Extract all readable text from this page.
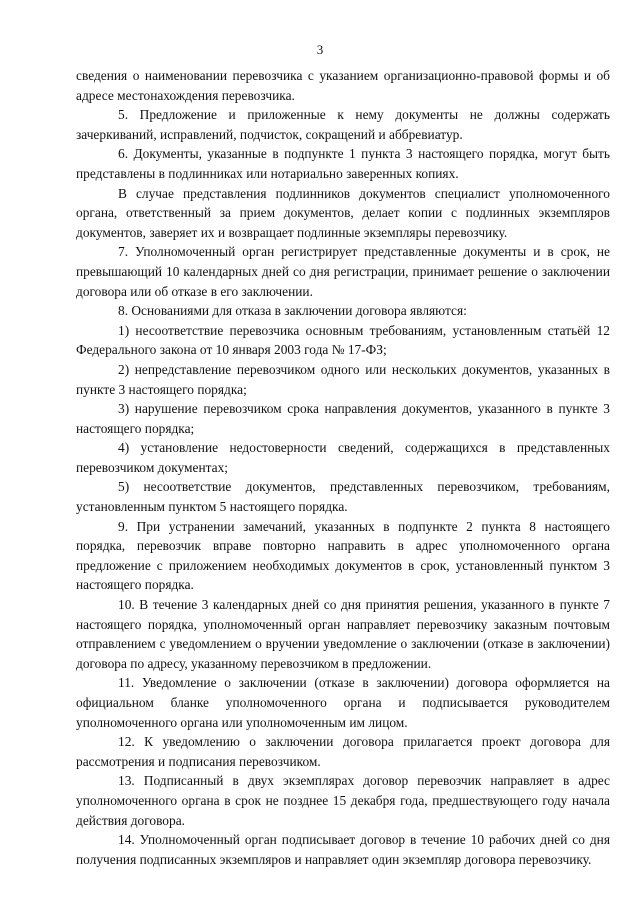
3

сведения о наименовании перевозчика с указанием организационно-правовой формы и об адресе местонахождения перевозчика.

5. Предложение и приложенные к нему документы не должны содержать зачеркиваний, исправлений, подчисток, сокращений и аббревиатур.

6. Документы, указанные в подпункте 1 пункта 3 настоящего порядка, могут быть представлены в подлинниках или нотариально заверенных копиях.

В случае представления подлинников документов специалист уполномоченного органа, ответственный за прием документов, делает копии с подлинных экземпляров документов, заверяет их и возвращает подлинные экземпляры перевозчику.

7. Уполномоченный орган регистрирует представленные документы и в срок, не превышающий 10 календарных дней со дня регистрации, принимает решение о заключении договора или об отказе в его заключении.

8. Основаниями для отказа в заключении договора являются:

1) несоответствие перевозчика основным требованиям, установленным статьёй 12 Федерального закона от 10 января 2003 года № 17-ФЗ;

2) непредставление перевозчиком одного или нескольких документов, указанных в пункте 3 настоящего порядка;

3) нарушение перевозчиком срока направления документов, указанного в пункте 3 настоящего порядка;

4) установление недостоверности сведений, содержащихся в представленных перевозчиком документах;

5) несоответствие документов, представленных перевозчиком, требованиям, установленным пунктом 5 настоящего порядка.

9. При устранении замечаний, указанных в подпункте 2 пункта 8 настоящего порядка, перевозчик вправе повторно направить в адрес уполномоченного органа предложение с приложением необходимых документов в срок, установленный пунктом 3 настоящего порядка.

10. В течение 3 календарных дней со дня принятия решения, указанного в пункте 7 настоящего порядка, уполномоченный орган направляет перевозчику заказным почтовым отправлением с уведомлением о вручении уведомление о заключении (отказе в заключении) договора по адресу, указанному перевозчиком в предложении.

11. Уведомление о заключении (отказе в заключении) договора оформляется на официальном бланке уполномоченного органа и подписывается руководителем уполномоченного органа или уполномоченным им лицом.

12. К уведомлению о заключении договора прилагается проект договора для рассмотрения и подписания перевозчиком.

13. Подписанный в двух экземплярах договор перевозчик направляет в адрес уполномоченного органа в срок не позднее 15 декабря года, предшествующего году начала действия договора.

14. Уполномоченный орган подписывает договор в течение 10 рабочих дней со дня получения подписанных экземпляров и направляет один экземпляр договора перевозчику.
